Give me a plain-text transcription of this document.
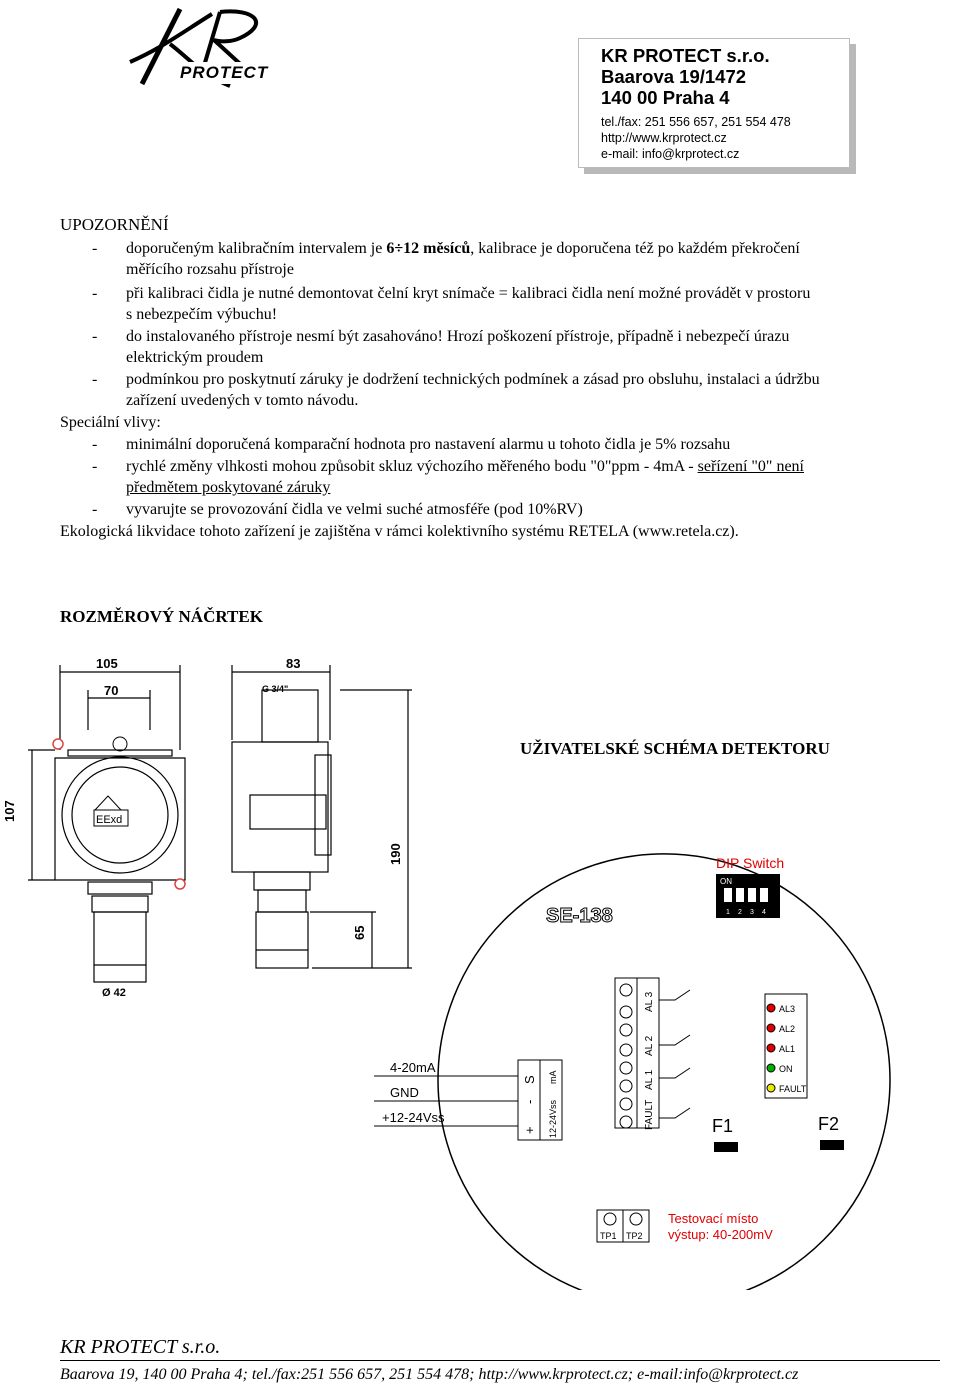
PROTECT
KR PROTECT s.r.o.
Baarova 19/1472
140 00 Praha 4
tel./fax: 251 556 657, 251 554 478
http://www.krprotect.cz
e-mail: info@krprotect.cz
UPOZORNĚNÍ
- doporučeným kalibračním intervalem je 6÷12 měsíců, kalibrace je doporučena též po každém překročení
měřícího rozsahu přístroje
- při kalibraci čidla je nutné demontovat čelní kryt snímače = kalibraci čidla není možné provádět v prostoru
s nebezpečím výbuchu!
- do instalovaného přístroje nesmí být zasahováno! Hrozí poškození přístroje, případně i nebezpečí úrazu
elektrickým proudem
- podmínkou pro poskytnutí záruky je dodržení technických podmínek a zásad pro obsluhu, instalaci a údržbu
zařízení uvedených v tomto návodu.
Speciální vlivy:
- minimální doporučená komparační hodnota pro nastavení alarmu u tohoto čidla je 5% rozsahu
- rychlé změny vlhkosti mohou způsobit skluz výchozího měřeného bodu "0"ppm - 4mA - seřízení "0" není
předmětem poskytované záruky
- vyvarujte se provozování čidla ve velmi suché atmosféře (pod 10%RV)
Ekologická likvidace tohoto zařízení je zajištěna v rámci kolektivního systému RETELA (www.retela.cz).
ROZMĚROVÝ NÁČRTEK
EExd
105
70
83
G 3/4"
107
190
65
Ø 42
UŽIVATELSKÉ SCHÉMA DETEKTORU
DIP Switch
ON
1 2 3 4
SE-138
AL 3
AL 2
AL 1
FAULT
AL3
AL2
AL1
ON
FAULT
F1	F2
S
-
+ 12-24Vss
mA
4-20mA
GND
+12-24Vss
TP1 TP2
Testovací místo
výstup: 40-200mV
KR PROTECT s.r.o.
Baarova 19, 140 00 Praha 4; tel./fax:251 556 657, 251 554 478; http://www.krprotect.cz; e-mail:info@krprotect.cz
